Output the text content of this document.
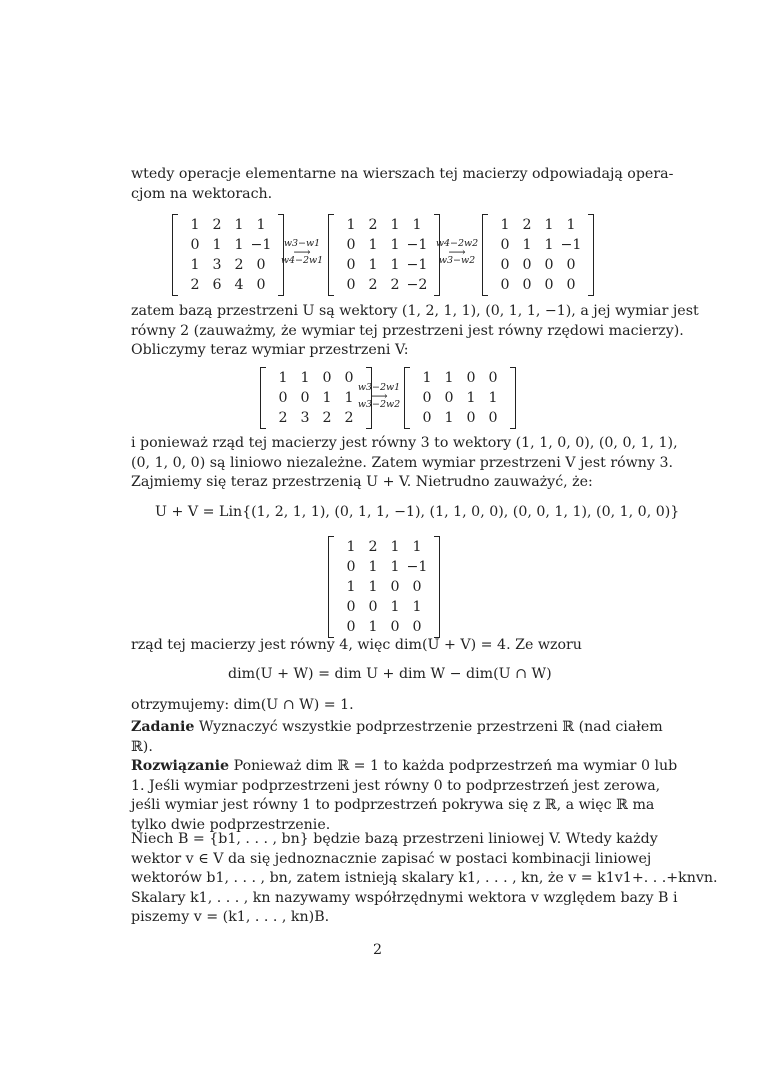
wtedy operacje elementarne na wierszach tej macierzy odpowiadają opera-
cjom na wektorach.
1 2 1 1
0 1 1 −1
1 3 2 0
2 6 4 0
w3−w1
⟶
w4−2w1
1 2 1 1
0 1 1 −1
0 1 1 −1
0 2 2 −2
w4−2w2
⟶
w3−w2
1 2 1 1
0 1 1 −1
0 0 0 0
0 0 0 0
zatem bazą przestrzeni U są wektory (1, 2, 1, 1), (0, 1, 1, −1), a jej wymiar jest
równy 2 (zauważmy, że wymiar tej przestrzeni jest równy rzędowi macierzy).
Obliczymy teraz wymiar przestrzeni V:
1 1 0 0
0 0 1 1
2 3 2 2
w3−2w1
⟶
w3−2w2
1 1 0 0
0 0 1 1
0 1 0 0
i ponieważ rząd tej macierzy jest równy 3 to wektory (1, 1, 0, 0), (0, 0, 1, 1),
(0, 1, 0, 0) są liniowo niezależne. Zatem wymiar przestrzeni V jest równy 3.
Zajmiemy się teraz przestrzenią U + V. Nietrudno zauważyć, że:
U + V = Lin{(1, 2, 1, 1), (0, 1, 1, −1), (1, 1, 0, 0), (0, 0, 1, 1), (0, 1, 0, 0)}
1 2 1 1
0 1 1 −1
1 1 0 0
0 0 1 1
0 1 0 0
rząd tej macierzy jest równy 4, więc dim(U + V) = 4. Ze wzoru
dim(U + W) = dim U + dim W − dim(U ∩ W)
otrzymujemy: dim(U ∩ W) = 1.
Zadanie Wyznaczyć wszystkie podprzestrzenie przestrzeni ℝ (nad ciałem
ℝ).
Rozwiązanie Ponieważ dim ℝ = 1 to każda podprzestrzeń ma wymiar 0 lub
1. Jeśli wymiar podprzestrzeni jest równy 0 to podprzestrzeń jest zerowa,
jeśli wymiar jest równy 1 to podprzestrzeń pokrywa się z ℝ, a więc ℝ ma
tylko dwie podprzestrzenie.
Niech B = {b1, . . . , bn} będzie bazą przestrzeni liniowej V. Wtedy każdy
wektor v ∈ V da się jednoznacznie zapisać w postaci kombinacji liniowej
wektorów b1, . . . , bn, zatem istnieją skalary k1, . . . , kn, że v = k1v1+. . .+knvn.
Skalary k1, . . . , kn nazywamy współrzędnymi wektora v względem bazy B i
piszemy v = (k1, . . . , kn)B.
2
